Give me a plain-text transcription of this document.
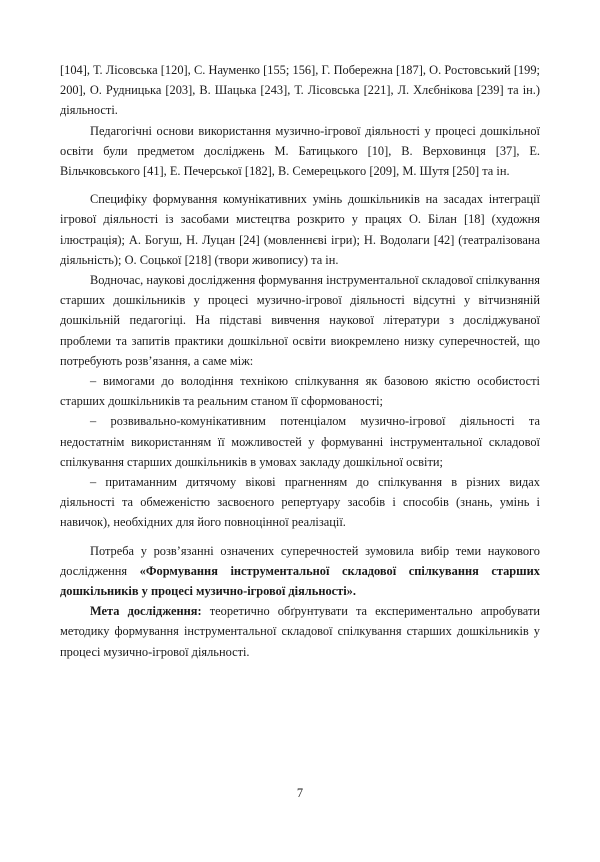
[104], Т. Лісовська [120], С. Науменко [155; 156], Г. Побережна [187], О. Ростовський [199; 200], О. Рудницька [203], В. Шацька [243], Т. Лісовська [221], Л. Хлєбнікова [239] та ін.) діяльності.

Педагогічні основи використання музично-ігрової діяльності у процесі дошкільної освіти були предметом досліджень М. Батицького [10], В. Верховинця [37], Е. Вільчковського [41], Е. Печерської [182], В. Семерецького [209], М. Шутя [250] та ін.

Специфіку формування комунікативних умінь дошкільників на засадах інтеграції ігрової діяльності із засобами мистецтва розкрито у працях О. Білан [18] (художня ілюстрація); А. Богуш, Н. Луцан [24] (мовленнєві ігри); Н. Водолаги [42] (театралізована діяльність); О. Соцької [218] (твори живопису) та ін.

Водночас, наукові дослідження формування інструментальної складової спілкування старших дошкільників у процесі музично-ігрової діяльності відсутні у вітчизняній дошкільній педагогіці. На підставі вивчення наукової літератури з досліджуваної проблеми та запитів практики дошкільної освіти виокремлено низку суперечностей, що потребують розв’язання, а саме між:

– вимогами до володіння технікою спілкування як базовою якістю особистості старших дошкільників та реальним станом її сформованості;

– розвивально-комунікативним потенціалом музично-ігрової діяльності та недостатнім використанням її можливостей у формуванні інструментальної складової спілкування старших дошкільників в умовах закладу дошкільної освіти;

– притаманним дитячому віковi прагненням до спілкування в різних видах діяльності та обмеженістю засвоєного репертуару засобів і способів (знань, умінь і навичок), необхідних для його повноцінної реалізації.

Потреба у розв’язанні означених суперечностей зумовила вибір теми наукового дослідження «Формування інструментальної складової спілкування старших дошкільників у процесі музично-ігрової діяльності».

Мета дослідження: теоретично обґрунтувати та експериментально апробувати методику формування інструментальної складової спілкування старших дошкільників у процесі музично-ігрової діяльності.

7
